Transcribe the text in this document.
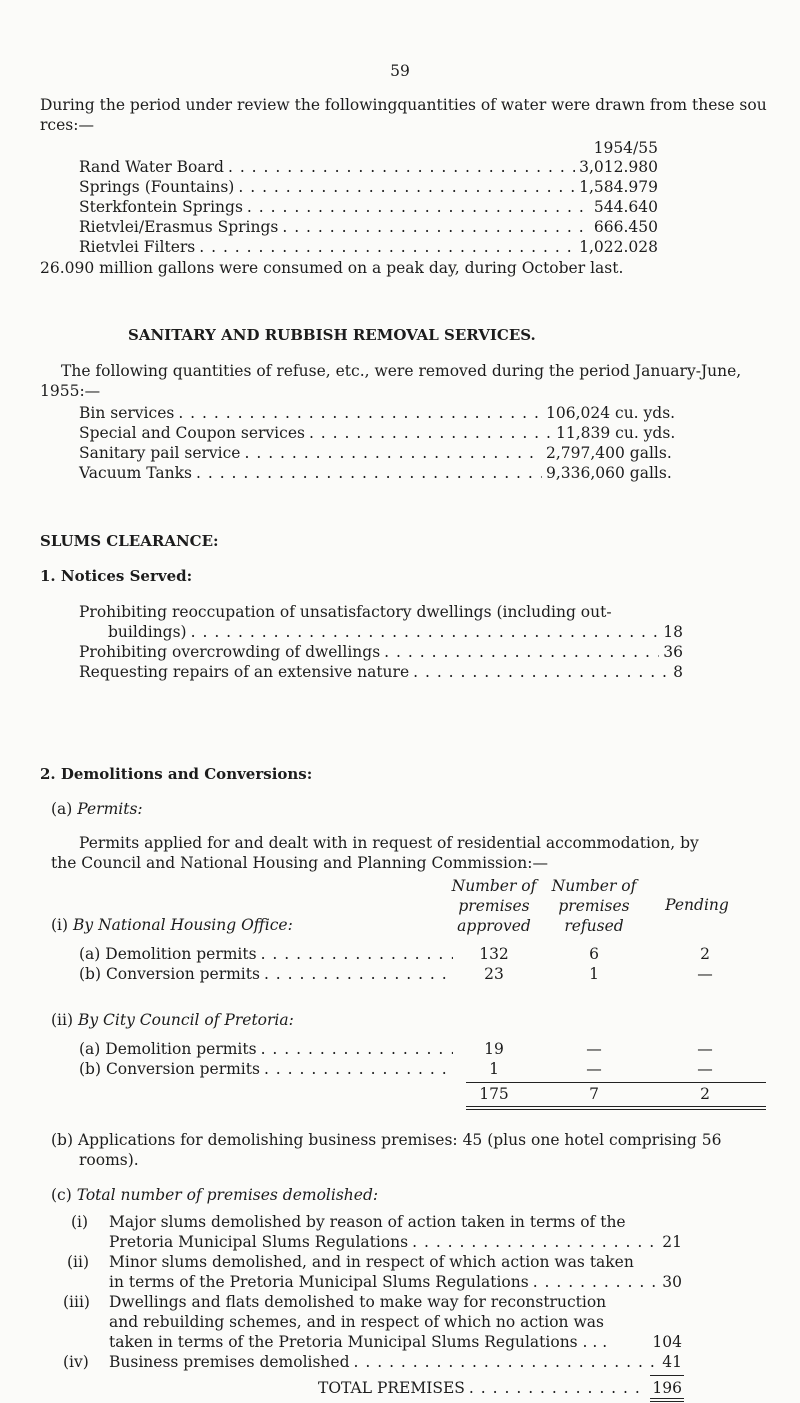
59
During the period under review the followingquantities of water were drawn from these sou
rces:—
1954/55
Rand Water Board . . .	3,012.980
Springs (Fountains) . . .	1,584.979
Sterkfontein Springs . . .	544.640
Rietvlei/Erasmus Springs . . .	666.450
Rietvlei Filters . . .	1,022.028
26.090 million gallons were consumed on a peak day, during October last.
SANITARY AND RUBBISH REMOVAL SERVICES.
The following quantities of refuse, etc., were removed during the period January-June,
1955:—
Bin services . . .	106,024 cu. yds.
Special and Coupon services . . .	11,839 cu. yds.
Sanitary pail service . . .	2,797,400 galls.
Vacuum Tanks . . .	9,336,060 galls.
SLUMS CLEARANCE:
1. Notices Served:
Prohibiting reoccupation of unsatisfactory dwellings (including out-
buildings) . . .	18
Prohibiting overcrowding of dwellings . . .	36
Requesting repairs of an extensive nature . . .	8
2. Demolitions and Conversions:
(a) Permits:
Permits applied for and dealt with in request of residential accommodation, by
the Council and National Housing and Planning Commission:—
Number of
premises
approved
Number of
premises
refused
Pending
(i) By National Housing Office:
(a) Demolition permits . . .	132	6	2
(b) Conversion permits . . .	23	1	—
(ii) By City Council of Pretoria:
(a) Demolition permits . . .	19	—	—
(b) Conversion permits . . .	1	—	—
175	7	2
(b) Applications for demolishing business premises: 45 (plus one hotel comprising 56
rooms).
(c) Total number of premises demolished:
(i) Major slums demolished by reason of action taken in terms of the
Pretoria Municipal Slums Regulations . . .	21
(ii) Minor slums demolished, and in respect of which action was taken
in terms of the Pretoria Municipal Slums Regulations . . .	30
(iii) Dwellings and flats demolished to make way for reconstruction
and rebuilding schemes, and in respect of which no action was
taken in terms of the Pretoria Municipal Slums Regulations . . .	104
(iv) Business premises demolished . . .	41
TOTAL PREMISES . . .	196
